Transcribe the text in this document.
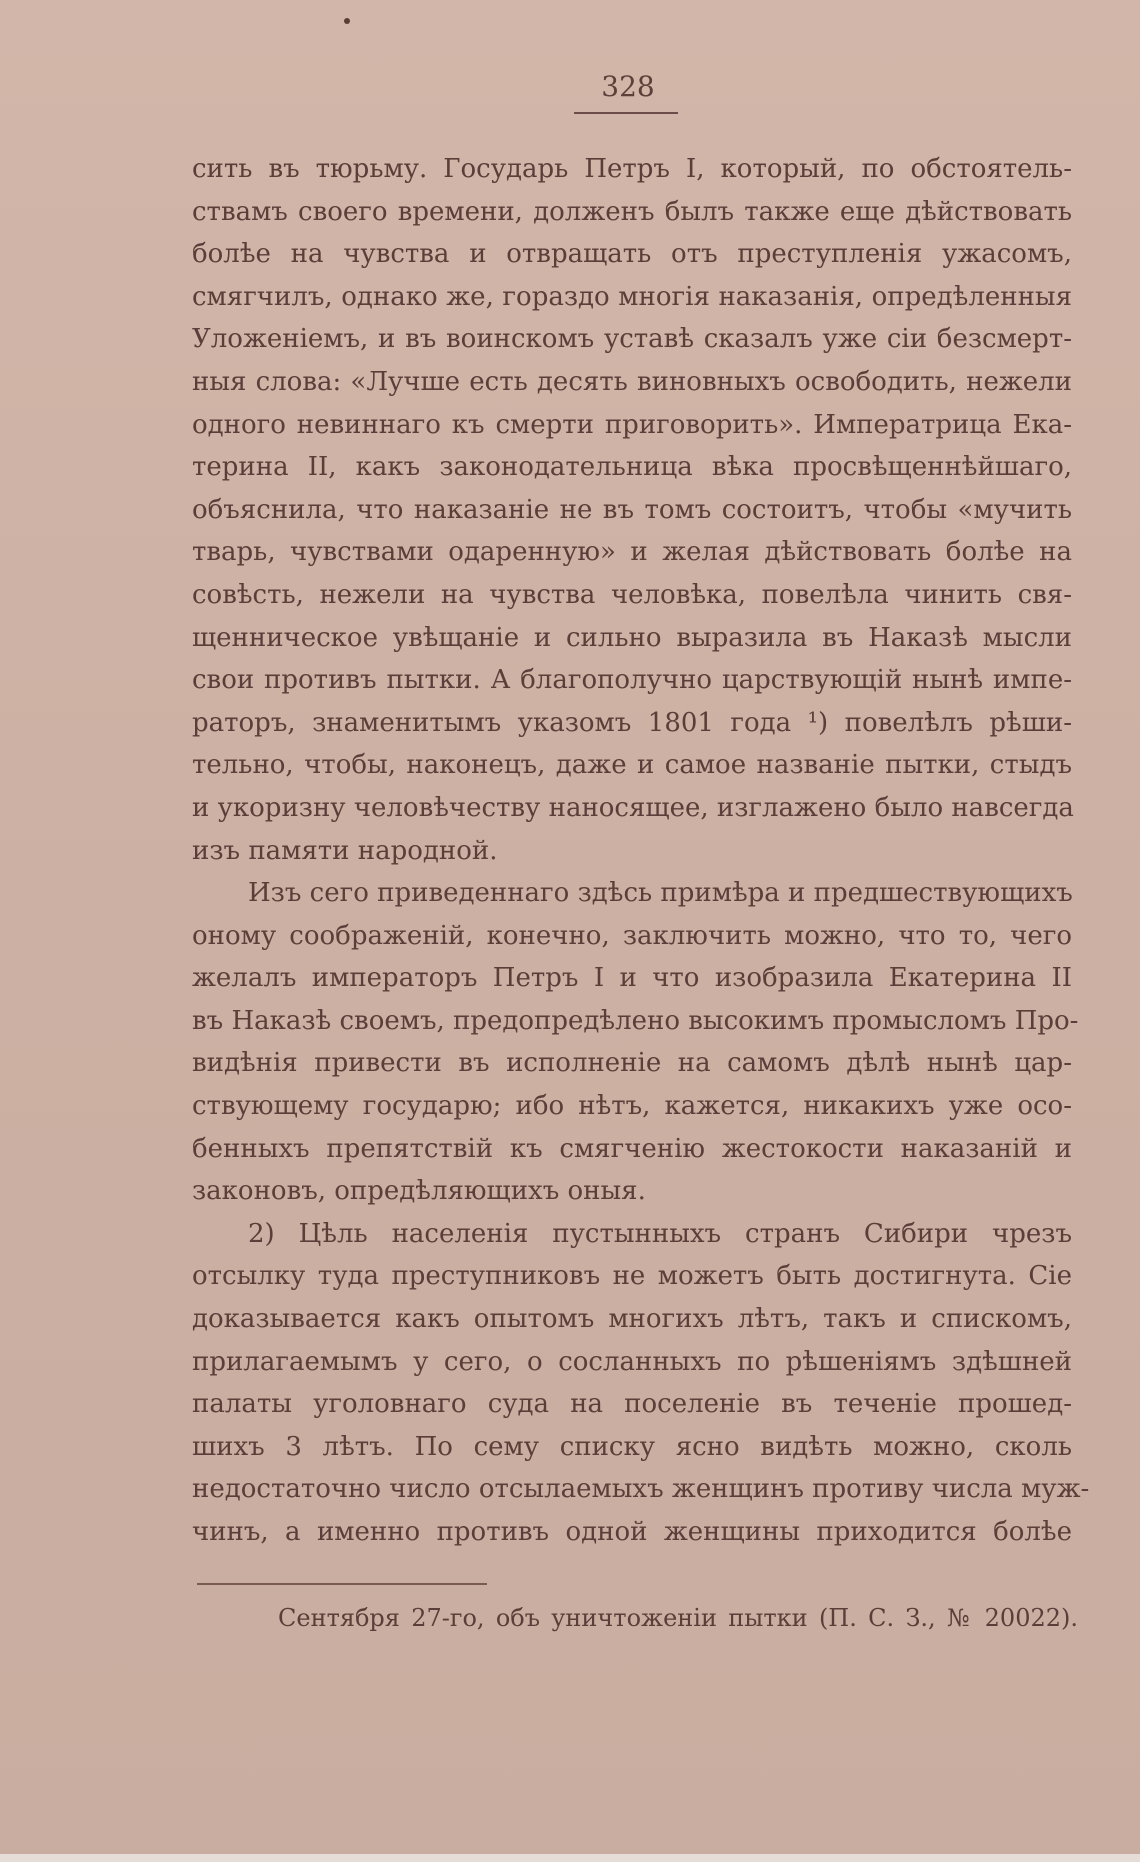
328
сить въ тюрьму. Государь Петръ I, который, по обстоятель-
ствамъ своего времени, долженъ былъ также еще дѣйствовать
болѣе на чувства и отвращать отъ преступленія ужасомъ,
смягчилъ, однако же, гораздо многія наказанія, опредѣленныя
Уложеніемъ, и въ воинскомъ уставѣ сказалъ уже сіи безсмерт-
ныя слова: «Лучше есть десять виновныхъ освободить, нежели
одного невиннаго къ смерти приговорить». Императрица Ека-
терина II, какъ законодательница вѣка просвѣщеннѣйшаго,
объяснила, что наказаніе не въ томъ состоитъ, чтобы «мучить
тварь, чувствами одаренную» и желая дѣйствовать болѣе на
совѣсть, нежели на чувства человѣка, повелѣла чинить свя-
щенническое увѣщаніе и сильно выразила въ Наказѣ мысли
свои противъ пытки. А благополучно царствующій нынѣ импе-
раторъ, знаменитымъ указомъ 1801 года ¹) повелѣлъ рѣши-
тельно, чтобы, наконецъ, даже и самое названіе пытки, стыдъ
и укоризну человѣчеству наносящее, изглажено было навсегда
изъ памяти народной.
Изъ сего приведеннаго здѣсь примѣра и предшествующихъ
оному соображеній, конечно, заключить можно, что то, чего
желалъ императоръ Петръ I и что изобразила Екатерина II
въ Наказѣ своемъ, предопредѣлено высокимъ промысломъ Про-
видѣнія привести въ исполненіе на самомъ дѣлѣ нынѣ цар-
ствующему государю; ибо нѣтъ, кажется, никакихъ уже осо-
бенныхъ препятствій къ смягченію жестокости наказаній и
законовъ, опредѣляющихъ оныя.
2) Цѣль населенія пустынныхъ странъ Сибири чрезъ
отсылку туда преступниковъ не можетъ быть достигнута. Сіе
доказывается какъ опытомъ многихъ лѣтъ, такъ и спискомъ,
прилагаемымъ у сего, о сосланныхъ по рѣшеніямъ здѣшней
палаты уголовнаго суда на поселеніе въ теченіе прошед-
шихъ 3 лѣтъ. По сему списку ясно видѣть можно, сколь
недостаточно число отсылаемыхъ женщинъ противу числа муж-
чинъ, а именно противъ одной женщины приходится болѣе
Сентября 27-го, объ уничтоженіи пытки (П. С. З., № 20022).
